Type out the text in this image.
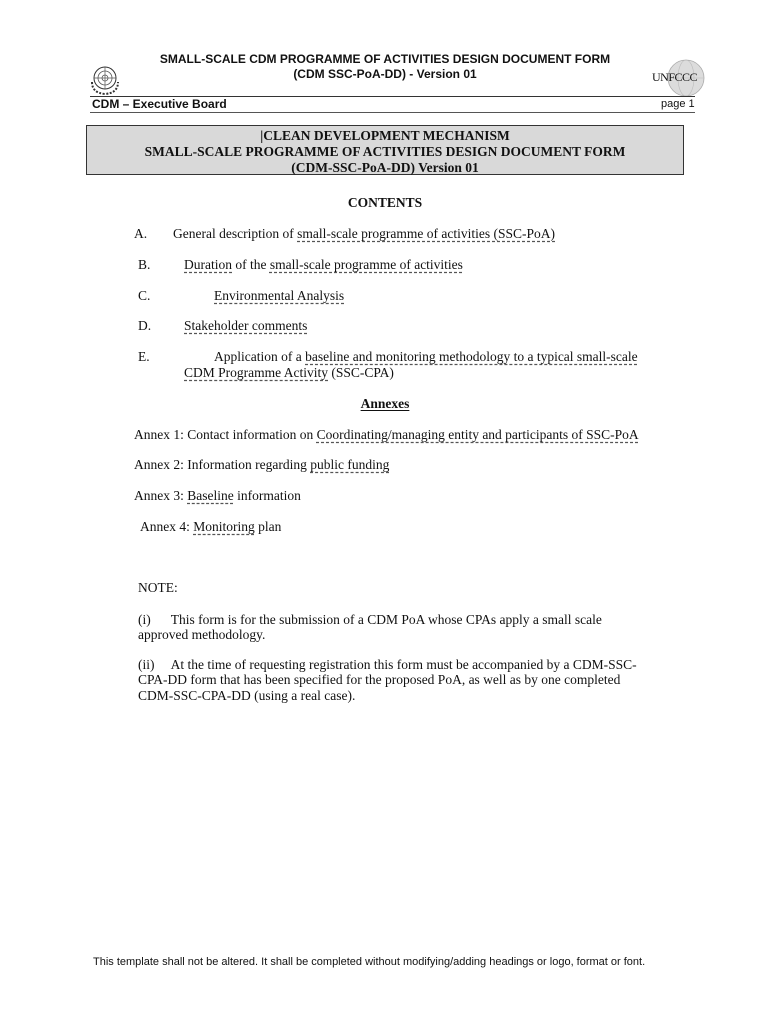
SMALL-SCALE CDM PROGRAMME OF ACTIVITIES DESIGN DOCUMENT FORM
(CDM SSC-PoA-DD) - Version 01	UNFCCC
CDM – Executive Board	page 1
|CLEAN DEVELOPMENT MECHANISM
SMALL-SCALE PROGRAMME OF ACTIVITIES DESIGN DOCUMENT FORM
(CDM-SSC-PoA-DD) Version 01
CONTENTS
A. General description of small-scale programme of activities (SSC-PoA)
B. Duration of the small-scale programme of activities
C.	Environmental Analysis
D. Stakeholder comments
E.	Application of a baseline and monitoring methodology to a typical small-scale
CDM Programme Activity (SSC-CPA)
Annexes
Annex 1: Contact information on Coordinating/managing entity and participants of SSC-PoA
Annex 2: Information regarding public funding
Annex 3: Baseline information
Annex 4: Monitoring plan
NOTE:
(i)      This form is for the submission of a CDM PoA whose CPAs apply a small scale
approved methodology.
(ii)     At the time of requesting registration this form must be accompanied by a CDM-SSC-
CPA-DD form that has been specified for the proposed PoA, as well as by one completed
CDM-SSC-CPA-DD (using a real case).
This template shall not be altered. It shall be completed without modifying/adding headings or logo, format or font.
